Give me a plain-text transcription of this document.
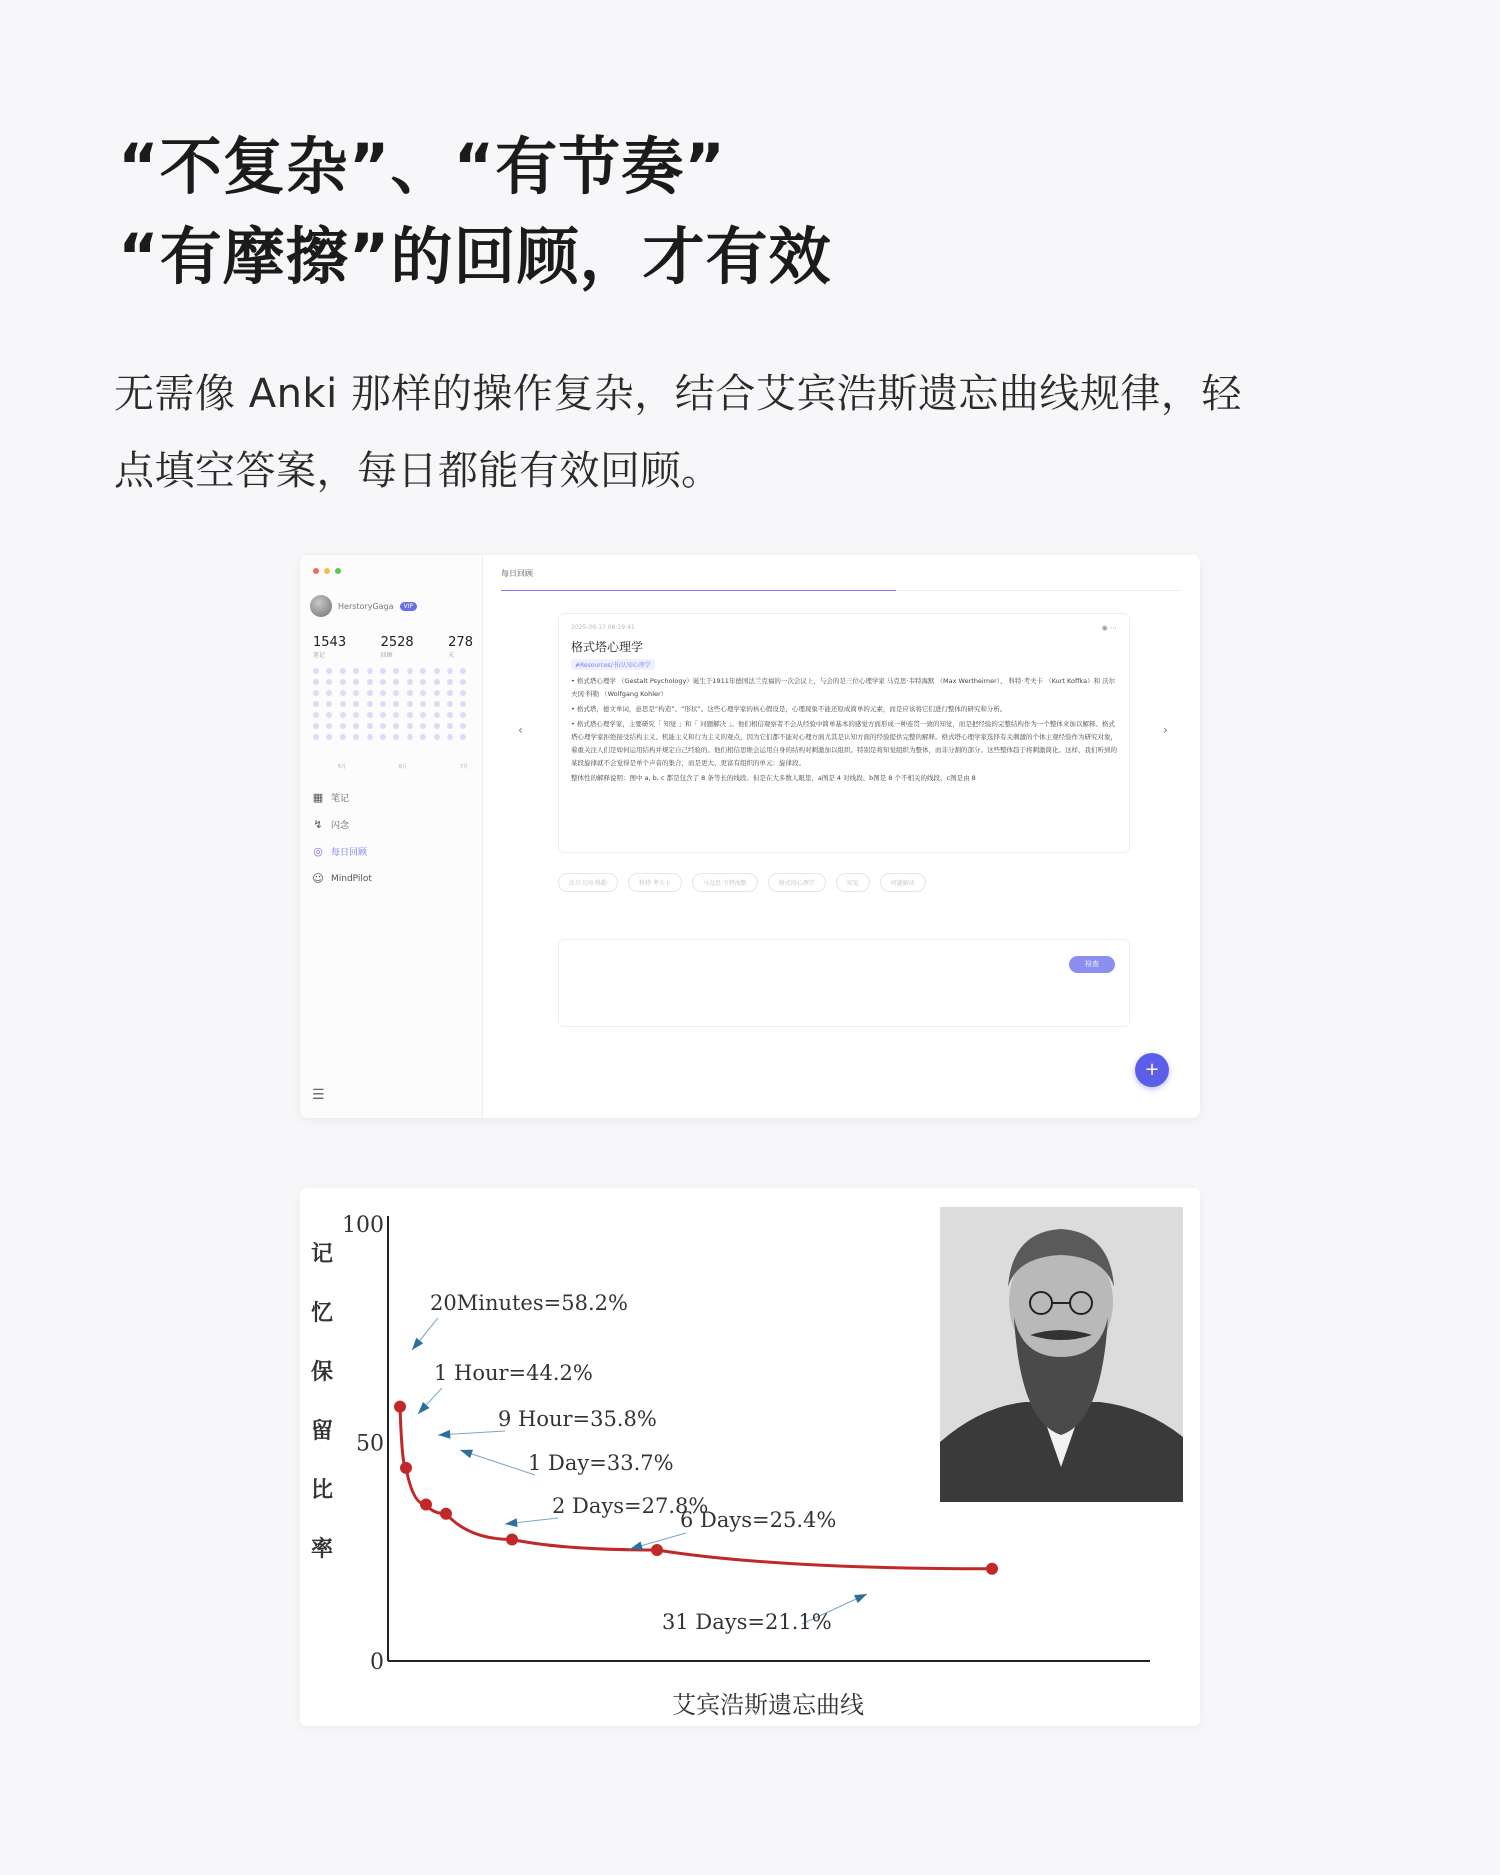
“不复杂”、“有节奏”
“有摩擦”的回顾，才有效
无需像 Anki 那样的操作复杂，结合艾宾浩斯遗忘曲线规律，轻
点填空答案，每日都能有效回顾。
HerstoryGaga	VIP
1543
笔记
2528
回顾
278
天
5月	6月	7月
▦ 笔记
↯ 闪念
◎ 每日回顾
☺ MindPilot
☰
每日回顾
‹	›
◉ ⋯
2025-06-17 08:19:41
格式塔心理学
#Resources/书/认知心理学

• 格式塔心理学 （Gestalt Psychology）诞生于1911年德国法兰克福的一次会议上，与会的是三位心理学家 马克思·韦特海默 （Max Wertheimer）、 科特·考夫卡 （Kurt Koffka）和 沃尔夫冈·科勒 （Wolfgang Kohler）

• 格式塔，德文单词，意思是“构造”、“形状”。这些心理学家的核心假设是，心理现象不能还原成简单的元素，而是应该将它们进行整体的研究和分析。

• 格式塔心理学家，主要研究「 知觉 」和「 问题解决 」。他们相信观察者不会从经验中简单基本的感觉方面形成一种连贯一致的知觉，而是把经验的完整结构作为一个整体来加以解释。格式塔心理学家拒绝接受结构主义、机能主义和行为主义的观点，因为它们都不能对心理方面尤其是认知方面的经验提供完整的解释。格式塔心理学家选择有关刺激的个体主观经验作为研究对象，着重关注人们是如何运用结构并规定自己经验的。他们相信思维会运用自身的结构对刺激加以组织。特别是将知觉组织为整体，而非分割的部分。这些整体趋于将刺激简化。这样，我们听到的某段旋律就不会觉得是单个声音的集合，而是更大、更富有组织的单元：旋律段。

整体性的解释说明：图中 a, b, c 都是包含了 8 条等长的线段。但是在大多数人眼里，a图是 4 对线段、b图是 8 个不相关的线段、c图是由 8

沃尔夫冈·科勒	科特·考夫卡	马克思·韦特海默	格式塔心理学	知觉	问题解决
检查
+
100
50
0
记
忆
保
留
比
率
20Minutes=58.2%
1 Hour=44.2%
9 Hour=35.8%
1 Day=33.7%
2 Days=27.8%
6 Days=25.4%
31 Days=21.1%
艾宾浩斯遗忘曲线
